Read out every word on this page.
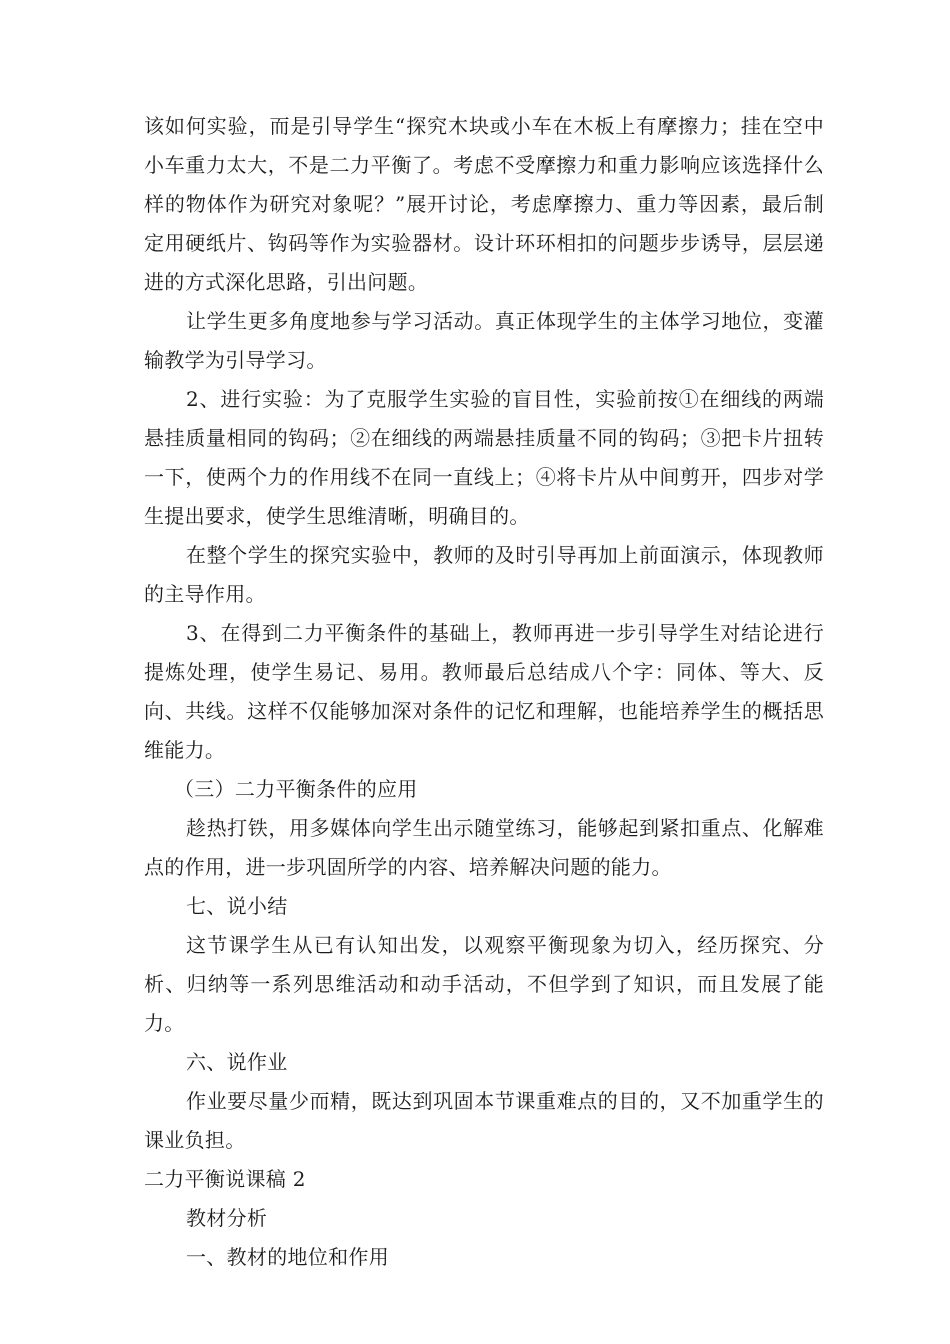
该如何实验，而是引导学生“探究木块或小车在木板上有摩擦力；挂在空中小车重力太大，不是二力平衡了。考虑不受摩擦力和重力影响应该选择什么样的物体作为研究对象呢？”展开讨论，考虑摩擦力、重力等因素，最后制定用硬纸片、钩码等作为实验器材。设计环环相扣的问题步步诱导，层层递进的方式深化思路，引出问题。

让学生更多角度地参与学习活动。真正体现学生的主体学习地位，变灌输教学为引导学习。

2、进行实验：为了克服学生实验的盲目性，实验前按①在细线的两端悬挂质量相同的钩码；②在细线的两端悬挂质量不同的钩码；③把卡片扭转一下，使两个力的作用线不在同一直线上；④将卡片从中间剪开，四步对学生提出要求，使学生思维清晰，明确目的。

在整个学生的探究实验中，教师的及时引导再加上前面演示，体现教师的主导作用。

3、在得到二力平衡条件的基础上，教师再进一步引导学生对结论进行提炼处理，使学生易记、易用。教师最后总结成八个字：同体、等大、反向、共线。这样不仅能够加深对条件的记忆和理解，也能培养学生的概括思维能力。

（三）二力平衡条件的应用

趁热打铁，用多媒体向学生出示随堂练习，能够起到紧扣重点、化解难点的作用，进一步巩固所学的内容、培养解决问题的能力。

七、说小结

这节课学生从已有认知出发，以观察平衡现象为切入，经历探究、分析、归纳等一系列思维活动和动手活动，不但学到了知识，而且发展了能力。

六、说作业

作业要尽量少而精，既达到巩固本节课重难点的目的，又不加重学生的课业负担。

二力平衡说课稿 2

教材分析

一、教材的地位和作用
